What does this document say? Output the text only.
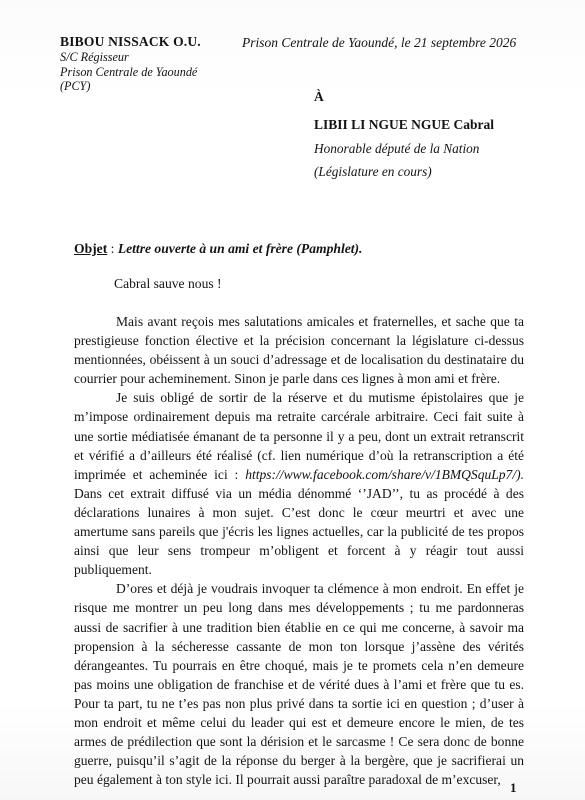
BIBOU NISSACK O.U.
S/C Régisseur
Prison Centrale de Yaoundé
(PCY)
Prison Centrale de Yaoundé, le 21 septembre 2026
À
LIBII LI NGUE NGUE Cabral
Honorable député de la Nation
(Législature en cours)
Objet : Lettre ouverte à un ami et frère (Pamphlet).
Cabral sauve nous !

Mais avant reçois mes salutations amicales et fraternelles, et sache que ta prestigieuse fonction élective et la précision concernant la législature ci-dessus mentionnées, obéissent à un souci d’adressage et de localisation du destinataire du courrier pour acheminement. Sinon je parle dans ces lignes à mon ami et frère.

Je suis obligé de sortir de la réserve et du mutisme épistolaires que je m’impose ordinairement depuis ma retraite carcérale arbitraire. Ceci fait suite à une sortie médiatisée émanant de ta personne il y a peu, dont un extrait retranscrit et vérifié a d’ailleurs été réalisé (cf. lien numérique d’où la retranscription a été imprimée et acheminée ici : https://www.facebook.com/share/v/1BMQSquLp7/). Dans cet extrait diffusé via un média dénommé ‘’JAD’’, tu as procédé à des déclarations lunaires à mon sujet. C’est donc le cœur meurtri et avec une amertume sans pareils que j'écris les lignes actuelles, car la publicité de tes propos ainsi que leur sens trompeur m’obligent et forcent à y réagir tout aussi publiquement.

D’ores et déjà je voudrais invoquer ta clémence à mon endroit. En effet je risque me montrer un peu long dans mes développements ; tu me pardonneras aussi de sacrifier à une tradition bien établie en ce qui me concerne, à savoir ma propension à la sécheresse cassante de mon ton lorsque j’assène des vérités dérangeantes. Tu pourrais en être choqué, mais je te promets cela n’en demeure pas moins une obligation de franchise et de vérité dues à l’ami et frère que tu es. Pour ta part, tu ne t’es pas non plus privé dans ta sortie ici en question ; d’user à mon endroit et même celui du leader qui est et demeure encore le mien, de tes armes de prédilection que sont la dérision et le sarcasme ! Ce sera donc de bonne guerre, puisqu’il s’agit de la réponse du berger à la bergère, que je sacrifierai un peu également à ton style ici. Il pourrait aussi paraître paradoxal de m’excuser,

1
